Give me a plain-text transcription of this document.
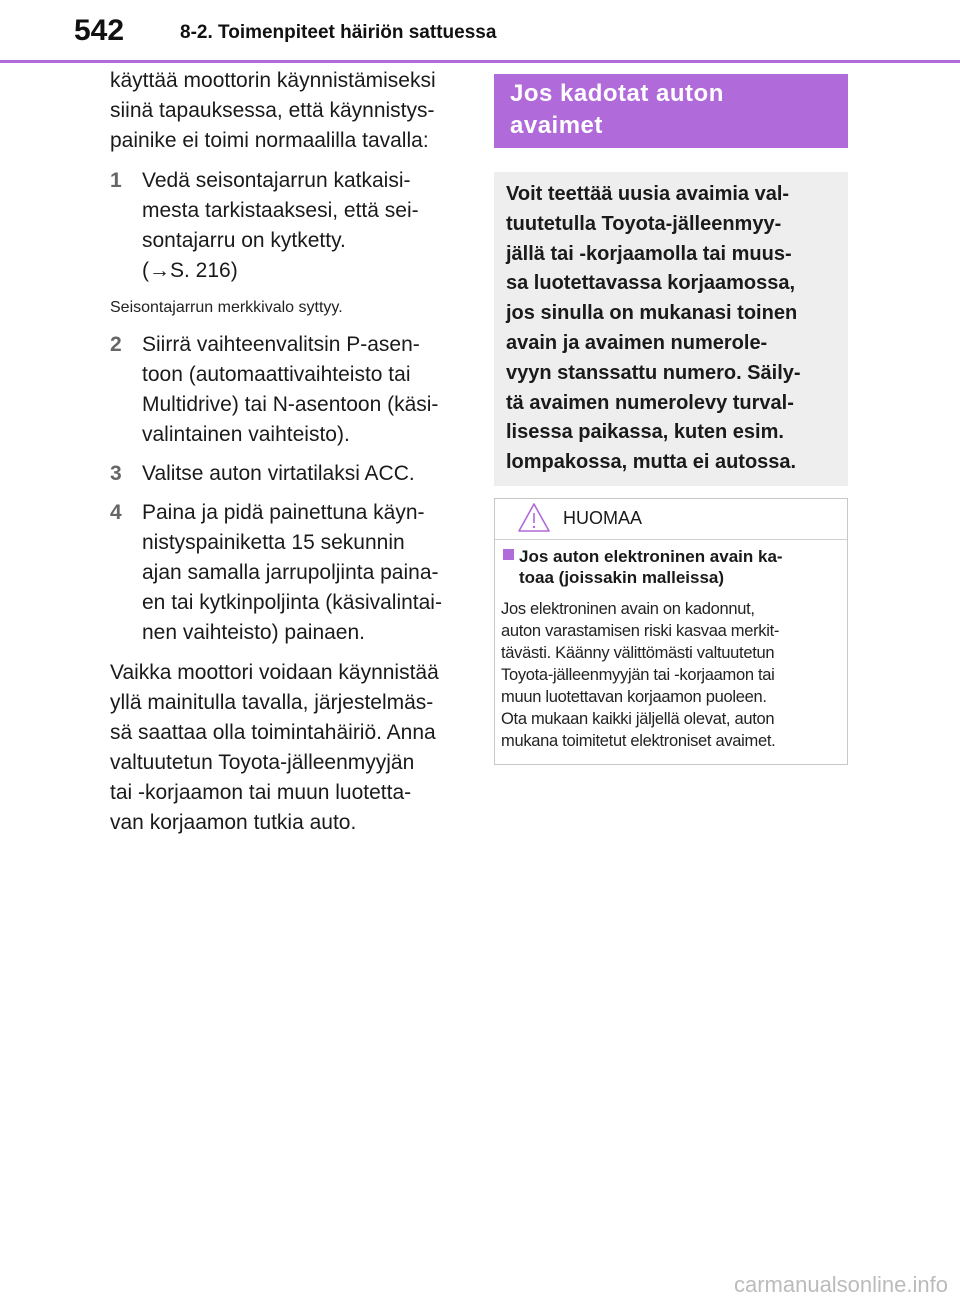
542	8-2. Toimenpiteet häiriön sattuessa

käyttää moottorin käynnistämiseksi
siinä tapauksessa, että käynnistys-
painike ei toimi normaalilla tavalla:

1 Vedä seisontajarrun katkaisi-
mesta tarkistaaksesi, että sei-
sontajarru on kytketty.
(→S. 216)

Seisontajarrun merkkivalo syttyy.

2 Siirrä vaihteenvalitsin P-asen-
toon (automaattivaihteisto tai
Multidrive) tai N-asentoon (käsi-
valintainen vaihteisto).
3 Valitse auton virtatilaksi ACC.
4 Paina ja pidä painettuna käyn-
nistyspainiketta 15 sekunnin
ajan samalla jarrupoljinta paina-
en tai kytkinpoljinta (käsivalintai-
nen vaihteisto) painaen.

Vaikka moottori voidaan käynnistää
yllä mainitulla tavalla, järjestelmäs-
sä saattaa olla toimintahäiriö. Anna
valtuutetun Toyota-jälleenmyyjän
tai -korjaamon tai muun luotetta-
van korjaamon tutkia auto.

Jos kadotat auton
avaimet
Voit teettää uusia avaimia val-
tuutetulla Toyota-jälleenmyy-
jällä tai -korjaamolla tai muus-
sa luotettavassa korjaamossa,
jos sinulla on mukanasi toinen
avain ja avaimen numerole-
vyyn stanssattu numero. Säily-
tä avaimen numerolevy turval-
lisessa paikassa, kuten esim.
lompakossa, mutta ei autossa.
HUOMAA
Jos auton elektroninen avain ka-
toaa (joissakin malleissa)
Jos elektroninen avain on kadonnut,
auton varastamisen riski kasvaa merkit-
tävästi. Käänny välittömästi valtuutetun
Toyota-jälleenmyyjän tai -korjaamon tai
muun luotettavan korjaamon puoleen.
Ota mukaan kaikki jäljellä olevat, auton
mukana toimitetut elektroniset avaimet.
carmanualsonline.info
